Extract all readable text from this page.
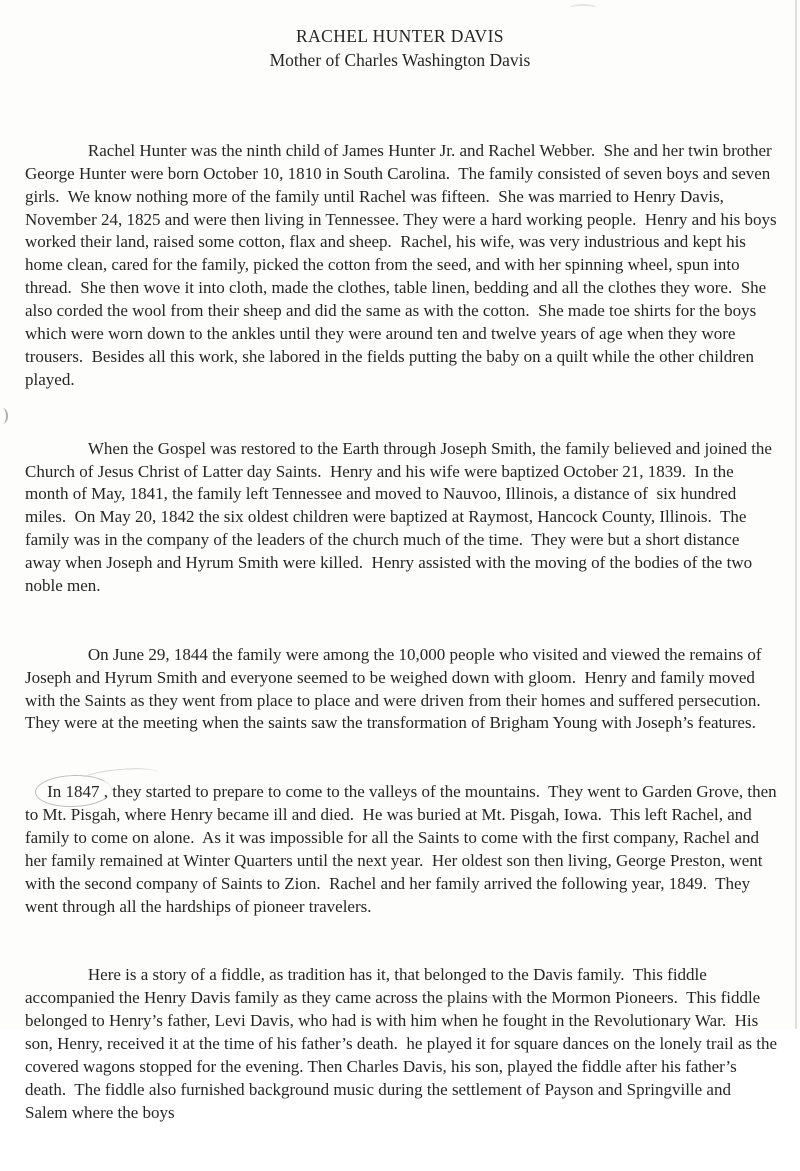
RACHEL HUNTER DAVIS
Mother of Charles Washington Davis

Rachel Hunter was the ninth child of James Hunter Jr. and Rachel Webber.  She and her twin brother George Hunter were born October 10, 1810 in South Carolina.  The family consisted of seven boys and seven girls.  We know nothing more of the family until Rachel was fifteen.  She was married to Henry Davis, November 24, 1825 and were then living in Tennessee. They were a hard working people.  Henry and his boys worked their land, raised some cotton, flax and sheep.  Rachel, his wife, was very industrious and kept his home clean, cared for the family, picked the cotton from the seed, and with her spinning wheel, spun into thread.  She then wove it into cloth, made the clothes, table linen, bedding and all the clothes they wore.  She also corded the wool from their sheep and did the same as with the cotton.  She made toe shirts for the boys which were worn down to the ankles until they were around ten and twelve years of age when they wore trousers.  Besides all this work, she labored in the fields putting the baby on a quilt while the other children played.

When the Gospel was restored to the Earth through Joseph Smith, the family believed and joined the Church of Jesus Christ of Latter day Saints.  Henry and his wife were baptized October 21, 1839.  In the month of May, 1841, the family left Tennessee and moved to Nauvoo, Illinois, a distance of  six hundred miles.  On May 20, 1842 the six oldest children were baptized at Raymost, Hancock County, Illinois.  The family was in the company of the leaders of the church much of the time.  They were but a short distance away when Joseph and Hyrum Smith were killed.  Henry assisted with the moving of the bodies of the two noble men.

On June 29, 1844 the family were among the 10,000 people who visited and viewed the remains of Joseph and Hyrum Smith and everyone seemed to be weighed down with gloom.  Henry and family moved with the Saints as they went from place to place and were driven from their homes and suffered persecution.  They were at the meeting when the saints saw the transformation of Brigham Young with Joseph’s features.

In 1847 , they started to prepare to come to the valleys of the mountains.  They went to Garden Grove, then to Mt. Pisgah, where Henry became ill and died.  He was buried at Mt. Pisgah, Iowa.  This left Rachel, and family to come on alone.  As it was impossible for all the Saints to come with the first company, Rachel and her family remained at Winter Quarters until the next year.  Her oldest son then living, George Preston, went with the second company of Saints to Zion.  Rachel and her family arrived the following year, 1849.  They went through all the hardships of pioneer travelers.

Here is a story of a fiddle, as tradition has it, that belonged to the Davis family.  This fiddle accompanied the Henry Davis family as they came across the plains with the Mormon Pioneers.  This fiddle belonged to Henry’s father, Levi Davis, who had is with him when he fought in the Revolutionary War.  His son, Henry, received it at the time of his father’s death.  he played it for square dances on the lonely trail as the covered wagons stopped for the evening. Then Charles Davis, his son, played the fiddle after his father’s death.  The fiddle also furnished background music during the settlement of Payson and Springville and Salem where the boys
